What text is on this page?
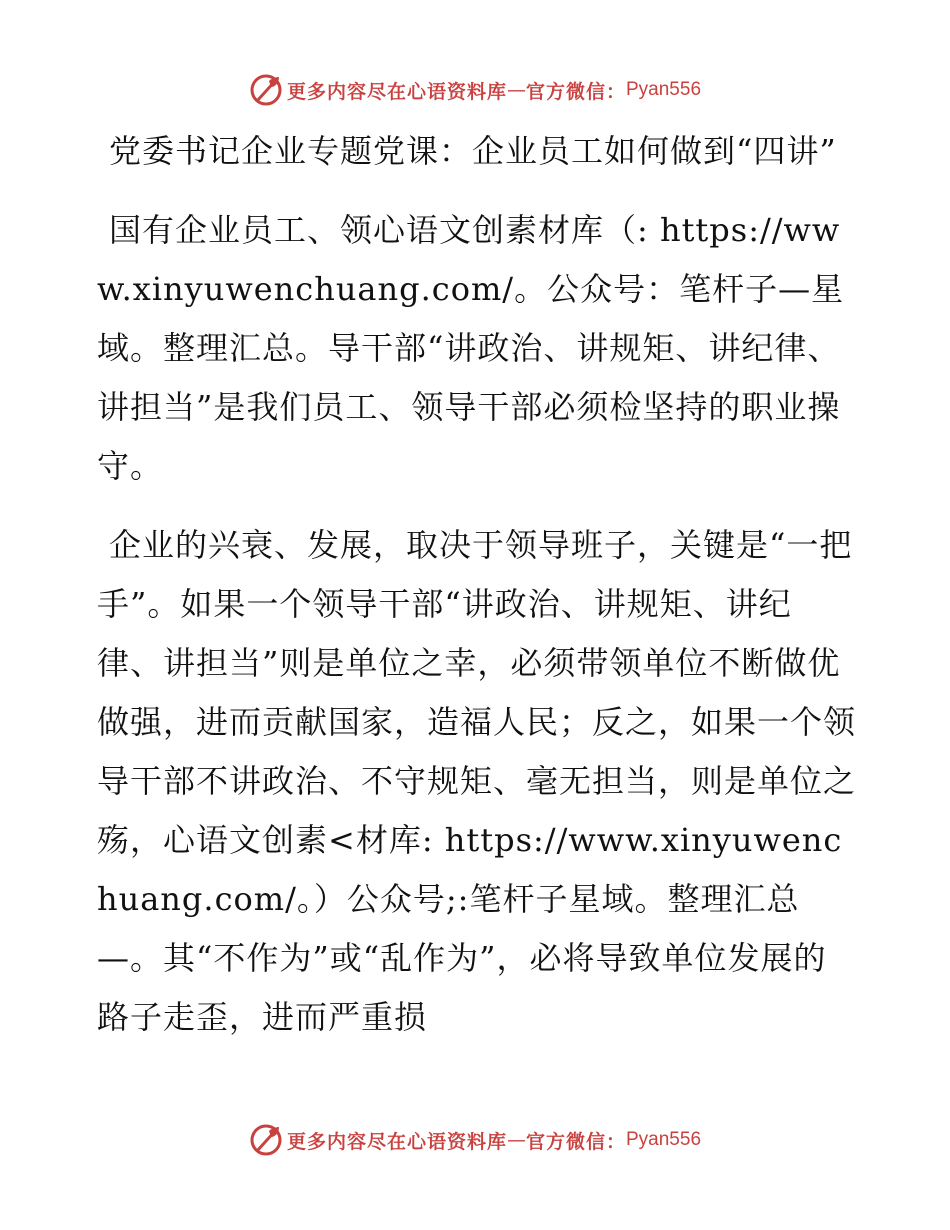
更多内容尽在心语资料库 — 官方微信： Pyan556

党委书记企业专题党课：企业员工如何做到“四讲”

国有企业员工、领心语文创素材库（: https://www.xinyuwenchuang.com/。公众号：笔杆子—星域。整理汇总。导干部“讲政治、讲规矩、讲纪律、讲担当”是我们员工、领导干部必须检坚持的职业操守。

企业的兴衰、发展，取决于领导班子，关键是“一把手”。如果一个领导干部“讲政治、讲规矩、讲纪律、讲担当”则是单位之幸，必须带领单位不断做优做强，进而贡献国家，造福人民；反之，如果一个领导干部不讲政治、不守规矩、毫无担当，则是单位之殇，心语文创素<材库: https://www.xinyuwenchuang.com/。）公众号;:笔杆子星域。整理汇总—。其“不作为”或“乱作为”，必将导致单位发展的路子走歪，进而严重损

更多内容尽在心语资料库 — 官方微信： Pyan556
